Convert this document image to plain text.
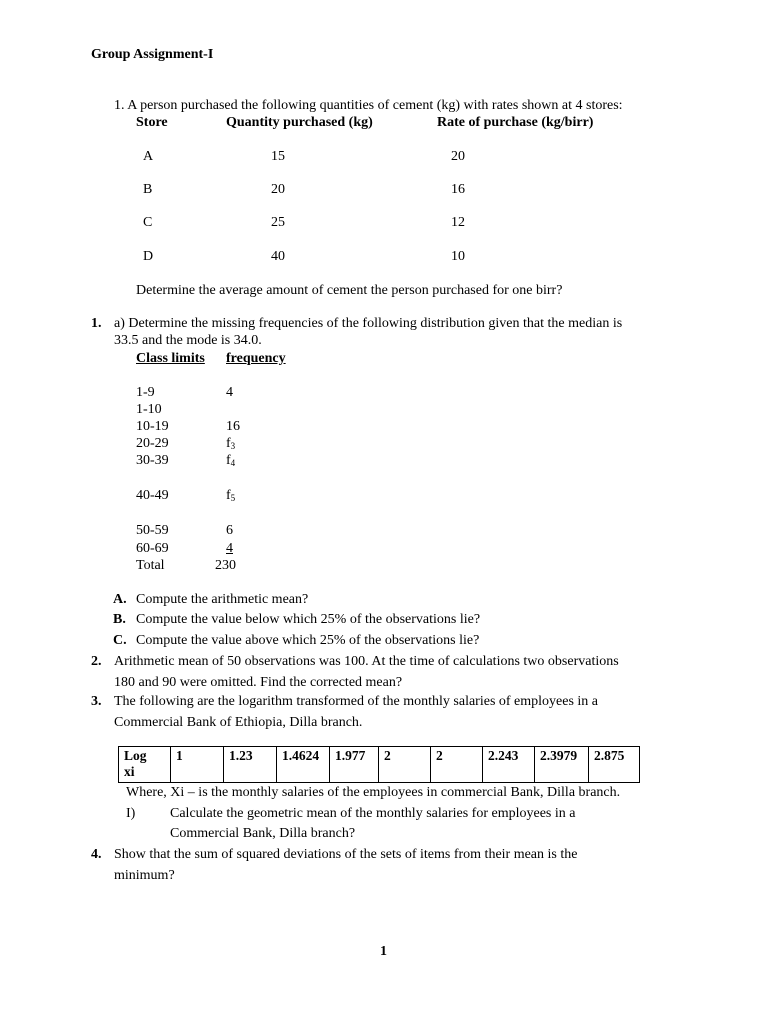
Group Assignment-I
1. A person purchased the following quantities of cement (kg) with rates shown at 4 stores:
Store	Quantity purchased (kg)	Rate of purchase (kg/birr)
A	15	20
B	20	16
C	25	12
D	40	10
Determine the average amount of cement the person purchased for one birr?
1. a) Determine the missing frequencies of the following distribution given that the median is
33.5 and the mode is 34.0.
Class limits frequency
1-9	4
1-10
10-19	16
20-29	$f_3$
30-39	$f_4$
40-49	$f_5$
50-59	6
60-69	4
Total	230
A. Compute the arithmetic mean?
B. Compute the value below which 25% of the observations lie?
C. Compute the value above which 25% of the observations lie?
2. Arithmetic mean of 50 observations was 100. At the time of calculations two observations
180 and 90 were omitted. Find the corrected mean?
3. The following are the logarithm transformed of the monthly salaries of employees in a
Commercial Bank of Ethiopia, Dilla branch.
Log
xi	1	1.23	1.4624	1.977	2	2	2.243	2.3979	2.875
Where, Xi – is the monthly salaries of the employees in commercial Bank, Dilla branch.
I) Calculate the geometric mean of the monthly salaries for employees in a
Commercial Bank, Dilla branch?
4. Show that the sum of squared deviations of the sets of items from their mean is the
minimum?
1
